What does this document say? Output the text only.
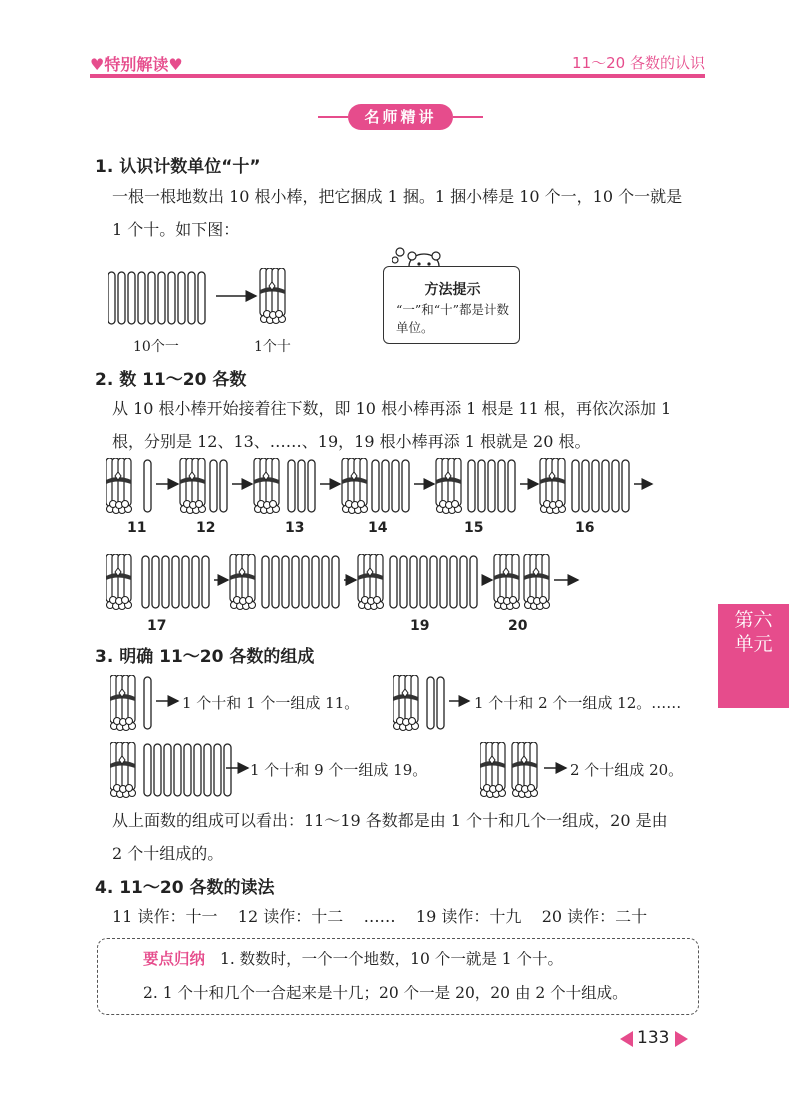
♥特别解读♥	11～20 各数的认识
名师精讲
1. 认识计数单位“十”
一根一根地数出 10 根小棒，把它捆成 1 捆。1 捆小棒是 10 个一，10 个一就是
1 个十。如下图：
10个一	1个十
方法提示
“一”和“十”都是计数单位。
2. 数 11～20 各数
从 10 根小棒开始接着往下数，即 10 根小棒再添 1 根是 11 根，再依次添加 1
根，分别是 12、13、……、19，19 根小棒再添 1 根就是 20 根。
11	12	13	14	15	16
17	19	20
3. 明确 11～20 各数的组成
1 个十和 1 个一组成 11。	1 个十和 2 个一组成 12。……
1 个十和 9 个一组成 19。	2 个十组成 20。
从上面数的组成可以看出：11～19 各数都是由 1 个十和几个一组成，20 是由
2 个十组成的。
4. 11～20 各数的读法
11 读作：十一    12 读作：十二    ……    19 读作：十九    20 读作：二十
要点归纳 1. 数数时，一个一个地数，10 个一就是 1 个十。
2. 1 个十和几个一合起来是十几；20 个一是 20，20 由 2 个十组成。
第六
单元
133
